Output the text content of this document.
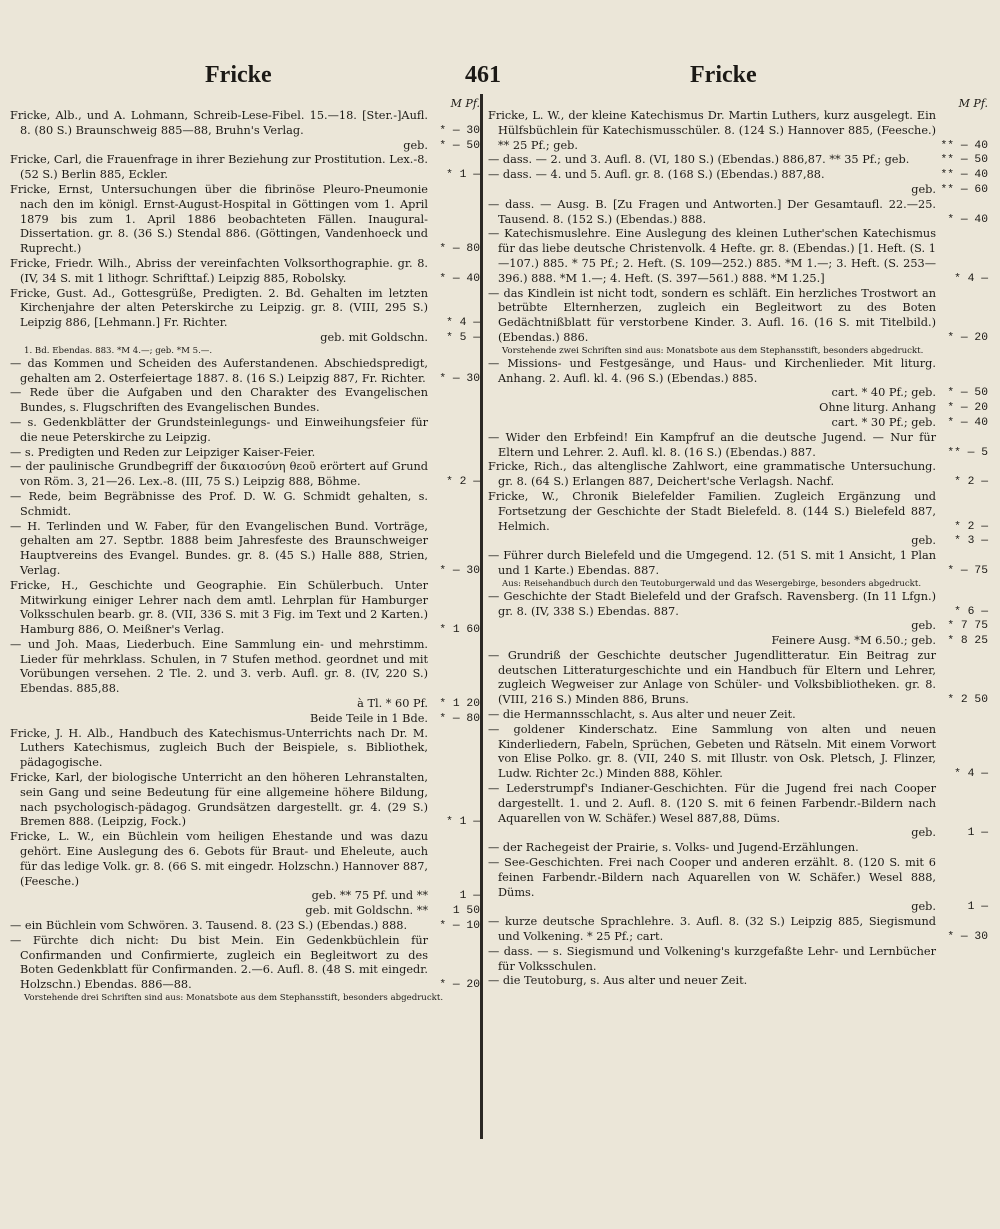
Fricke	461	Fricke
M Pf.
Fricke, Alb., und A. Lohmann, Schreib-Lese-Fibel. 15.—18. [Ster.-]Aufl. 8. (80 S.) Braunschweig 885—88, Bruhn's Verlag.	* — 30
geb.	* — 50
Fricke, Carl, die Frauenfrage in ihrer Beziehung zur Prostitution. Lex.-8. (52 S.) Berlin 885, Eckler.	* 1 —
Fricke, Ernst, Untersuchungen über die fibrinöse Pleuro-Pneumonie nach den im königl. Ernst-August-Hospital in Göttingen vom 1. April 1879 bis zum 1. April 1886 beobachteten Fällen. Inaugural-Dissertation. gr. 8. (36 S.) Stendal 886. (Göttingen, Vandenhoeck und Ruprecht.)	* — 80
Fricke, Friedr. Wilh., Abriss der vereinfachten Volksorthographie. gr. 8. (IV, 34 S. mit 1 lithogr. Schrifttaf.) Leipzig 885, Robolsky.	* — 40
Fricke, Gust. Ad., Gottesgrüße, Predigten. 2. Bd. Gehalten im letzten Kirchenjahre der alten Peterskirche zu Leipzig. gr. 8. (VIII, 295 S.) Leipzig 886, [Lehmann.] Fr. Richter.	* 4 —
geb. mit Goldschn.	* 5 —
1. Bd. Ebendas. 883. *M 4.—; geb. *M 5.—.
— das Kommen und Scheiden des Auferstandenen. Abschiedspredigt, gehalten am 2. Osterfeiertage 1887. 8. (16 S.) Leipzig 887, Fr. Richter.	* — 30
— Rede über die Aufgaben und den Charakter des Evangelischen Bundes, s. Flugschriften des Evangelischen Bundes.
— s. Gedenkblätter der Grundsteinlegungs- und Einweihungsfeier für die neue Peterskirche zu Leipzig.
— s. Predigten und Reden zur Leipziger Kaiser-Feier.
— der paulinische Grundbegriff der δικαιοσύνη θεοῦ erörtert auf Grund von Röm. 3, 21—26. Lex.-8. (III, 75 S.) Leipzig 888, Böhme.	* 2 —
— Rede, beim Begräbnisse des Prof. D. W. G. Schmidt gehalten, s. Schmidt.
— H. Terlinden und W. Faber, für den Evangelischen Bund. Vorträge, gehalten am 27. Septbr. 1888 beim Jahresfeste des Braunschweiger Hauptvereins des Evangel. Bundes. gr. 8. (45 S.) Halle 888, Strien, Verlag.	* — 30
Fricke, H., Geschichte und Geographie. Ein Schülerbuch. Unter Mitwirkung einiger Lehrer nach dem amtl. Lehrplan für Hamburger Volksschulen bearb. gr. 8. (VII, 336 S. mit 3 Fig. im Text und 2 Karten.) Hamburg 886, O. Meißner's Verlag.	* 1 60
— und Joh. Maas, Liederbuch. Eine Sammlung ein- und mehrstimm. Lieder für mehrklass. Schulen, in 7 Stufen method. geordnet und mit Vorübungen versehen. 2 Tle. 2. und 3. verb. Aufl. gr. 8. (IV, 220 S.) Ebendas. 885,88.
à Tl. * 60 Pf.	* 1 20
Beide Teile in 1 Bde.	* — 80
Fricke, J. H. Alb., Handbuch des Katechismus-Unterrichts nach Dr. M. Luthers Katechismus, zugleich Buch der Beispiele, s. Bibliothek, pädagogische.
Fricke, Karl, der biologische Unterricht an den höheren Lehranstalten, sein Gang und seine Bedeutung für eine allgemeine höhere Bildung, nach psychologisch-pädagog. Grundsätzen dargestellt. gr. 4. (29 S.) Bremen 888. (Leipzig, Fock.)	* 1 —
Fricke, L. W., ein Büchlein vom heiligen Ehestande und was dazu gehört. Eine Auslegung des 6. Gebots für Braut- und Eheleute, auch für das ledige Volk. gr. 8. (66 S. mit eingedr. Holzschn.) Hannover 887, (Feesche.)
geb. ** 75 Pf. und **	1 —
geb. mit Goldschn. **	1 50
— ein Büchlein vom Schwören. 3. Tausend. 8. (23 S.) (Ebendas.) 888.	* — 10
— Fürchte dich nicht: Du bist Mein. Ein Gedenkbüchlein für Confirmanden und Confirmierte, zugleich ein Begleitwort zu des Boten Gedenkblatt für Confirmanden. 2.—6. Aufl. 8. (48 S. mit eingedr. Holzschn.) Ebendas. 886—88.	* — 20
Vorstehende drei Schriften sind aus: Monatsbote aus dem Stephansstift, besonders abgedruckt.
M Pf.
Fricke, L. W., der kleine Katechismus Dr. Martin Luthers, kurz ausgelegt. Ein Hülfsbüchlein für Katechismusschüler. 8. (124 S.) Hannover 885, (Feesche.) ** 25 Pf.; geb.	** — 40
— dass. — 2. und 3. Aufl. 8. (VI, 180 S.) (Ebendas.) 886,87. ** 35 Pf.; geb.	** — 50
— dass. — 4. und 5. Aufl. gr. 8. (168 S.) (Ebendas.) 887,88.	** — 40
geb. ** — 60
— dass. — Ausg. B. [Zu Fragen und Antworten.] Der Gesamtaufl. 22.—25. Tausend. 8. (152 S.) (Ebendas.) 888.	* — 40
— Katechismuslehre. Eine Auslegung des kleinen Luther'schen Katechismus für das liebe deutsche Christenvolk. 4 Hefte. gr. 8. (Ebendas.) [1. Heft. (S. 1—107.) 885. * 75 Pf.; 2. Heft. (S. 109—252.) 885. *M 1.—; 3. Heft. (S. 253—396.) 888. *M 1.—; 4. Heft. (S. 397—561.) 888. *M 1.25.]	* 4 —
— das Kindlein ist nicht todt, sondern es schläft. Ein herzliches Trostwort an betrübte Elternherzen, zugleich ein Begleitwort zu des Boten Gedächtnißblatt für verstorbene Kinder. 3. Aufl. 16. (16 S. mit Titelbild.) (Ebendas.) 886.	* — 20
Vorstehende zwei Schriften sind aus: Monatsbote aus dem Stephansstift, besonders abgedruckt.
— Missions- und Festgesänge, und Haus- und Kirchenlieder. Mit liturg. Anhang. 2. Aufl. kl. 4. (96 S.) (Ebendas.) 885.
cart. * 40 Pf.; geb.	* — 50
Ohne liturg. Anhang	* — 20
cart. * 30 Pf.; geb.	* — 40
— Wider den Erbfeind! Ein Kampfruf an die deutsche Jugend. — Nur für Eltern und Lehrer. 2. Aufl. kl. 8. (16 S.) (Ebendas.) 887.	** — 5
Fricke, Rich., das altenglische Zahlwort, eine grammatische Untersuchung. gr. 8. (64 S.) Erlangen 887, Deichert'sche Verlagsh. Nachf.	* 2 —
Fricke, W., Chronik Bielefelder Familien. Zugleich Ergänzung und Fortsetzung der Geschichte der Stadt Bielefeld. 8. (144 S.) Bielefeld 887, Helmich.	* 2 —
geb.	* 3 —
— Führer durch Bielefeld und die Umgegend. 12. (51 S. mit 1 Ansicht, 1 Plan und 1 Karte.) Ebendas. 887.	* — 75
Aus: Reisehandbuch durch den Teutoburgerwald und das Wesergebirge, besonders abgedruckt.
— Geschichte der Stadt Bielefeld und der Grafsch. Ravensberg. (In 11 Lfgn.) gr. 8. (IV, 338 S.) Ebendas. 887.	* 6 —
geb.	* 7 75
Feinere Ausg. *M 6.50.; geb.	* 8 25
— Grundriß der Geschichte deutscher Jugendlitteratur. Ein Beitrag zur deutschen Litteraturgeschichte und ein Handbuch für Eltern und Lehrer, zugleich Wegweiser zur Anlage von Schüler- und Volksbibliotheken. gr. 8. (VIII, 216 S.) Minden 886, Bruns.	* 2 50
— die Hermannsschlacht, s. Aus alter und neuer Zeit.
— goldener Kinderschatz. Eine Sammlung von alten und neuen Kinderliedern, Fabeln, Sprüchen, Gebeten und Rätseln. Mit einem Vorwort von Elise Polko. gr. 8. (VII, 240 S. mit Illustr. von Osk. Pletsch, J. Flinzer, Ludw. Richter 2c.) Minden 888, Köhler.	* 4 —
— Lederstrumpf's Indianer-Geschichten. Für die Jugend frei nach Cooper dargestellt. 1. und 2. Aufl. 8. (120 S. mit 6 feinen Farbendr.-Bildern nach Aquarellen von W. Schäfer.) Wesel 887,88, Düms.
geb.	1 —
— der Rachegeist der Prairie, s. Volks- und Jugend-Erzählungen.
— See-Geschichten. Frei nach Cooper und anderen erzählt. 8. (120 S. mit 6 feinen Farbendr.-Bildern nach Aquarellen von W. Schäfer.) Wesel 888, Düms.
geb.	1 —
— kurze deutsche Sprachlehre. 3. Aufl. 8. (32 S.) Leipzig 885, Siegismund und Volkening. * 25 Pf.; cart.	* — 30
— dass. — s. Siegismund und Volkening's kurzgefaßte Lehr- und Lernbücher für Volksschulen.
— die Teutoburg, s. Aus alter und neuer Zeit.
